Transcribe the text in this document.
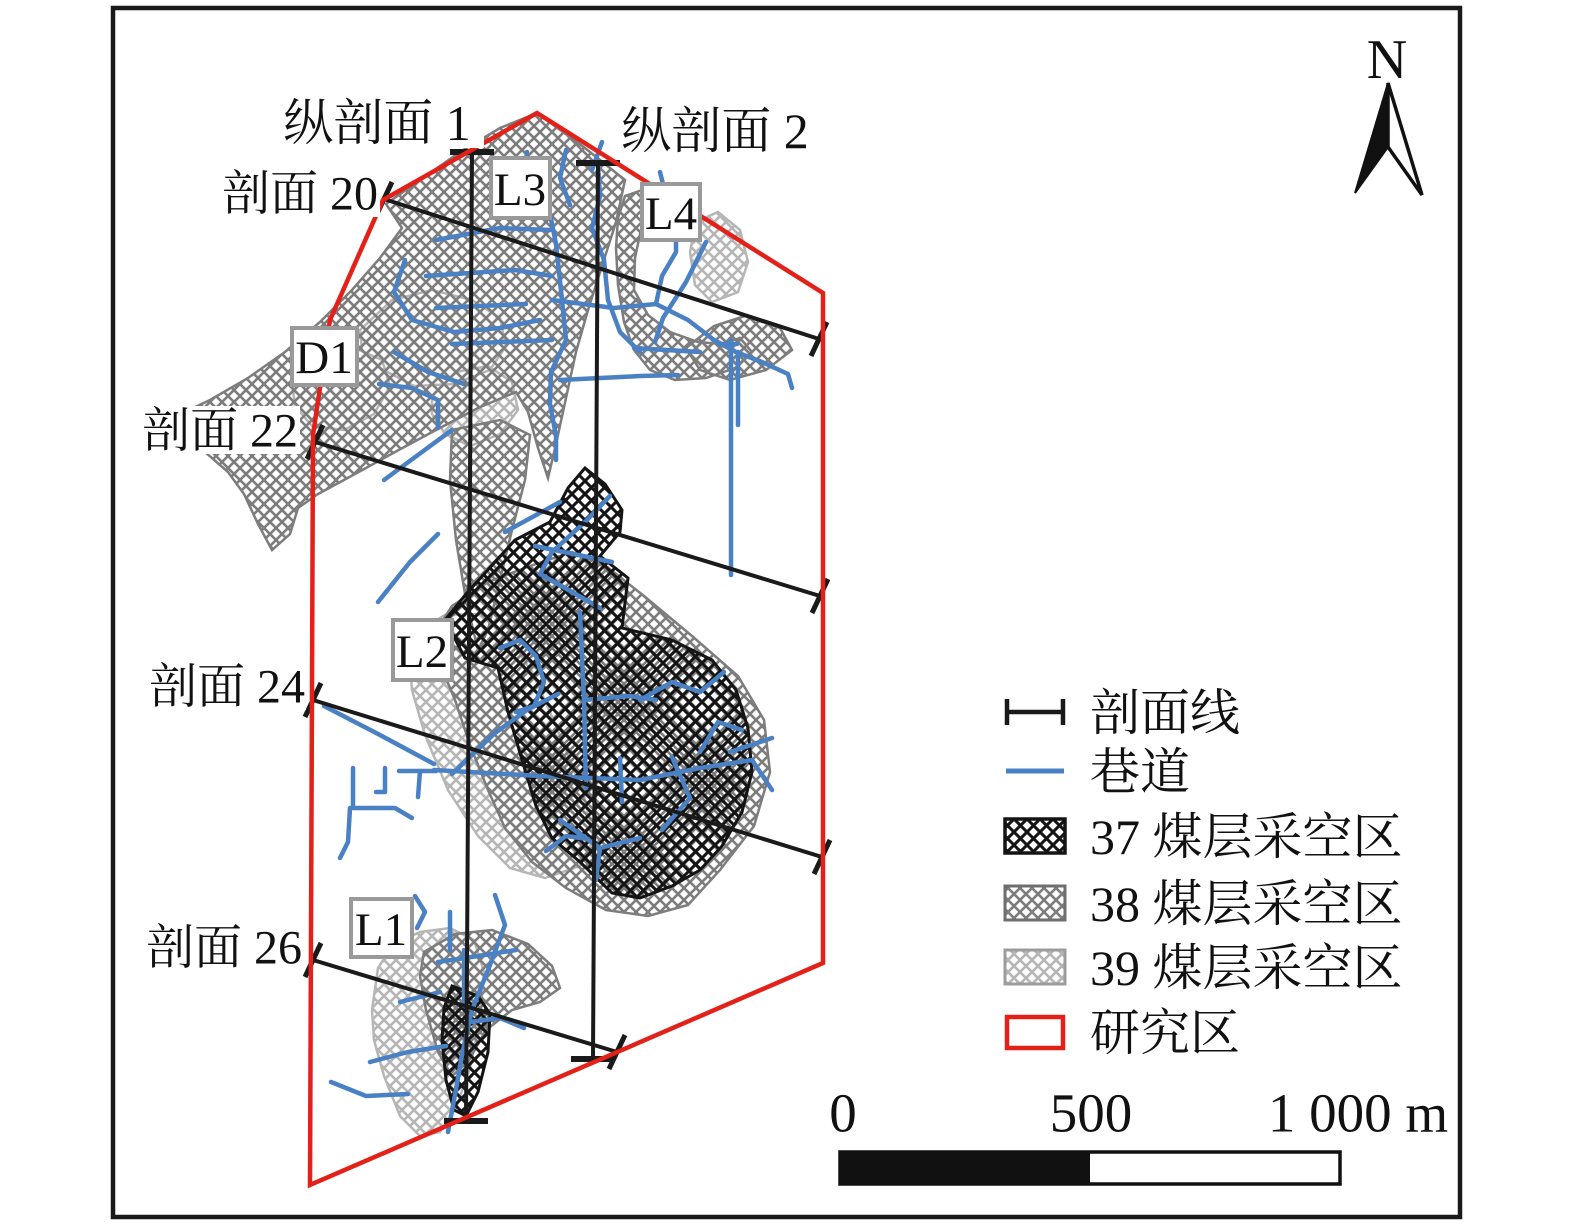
纵剖面 1	纵剖面 2
剖面 20
剖面 22
剖面 24
剖面 26
L3 L4
D1
L2
L1
N
剖面线
巷道
37 煤层采空区
38 煤层采空区
39 煤层采空区
研究区
0	500 1 000 m
